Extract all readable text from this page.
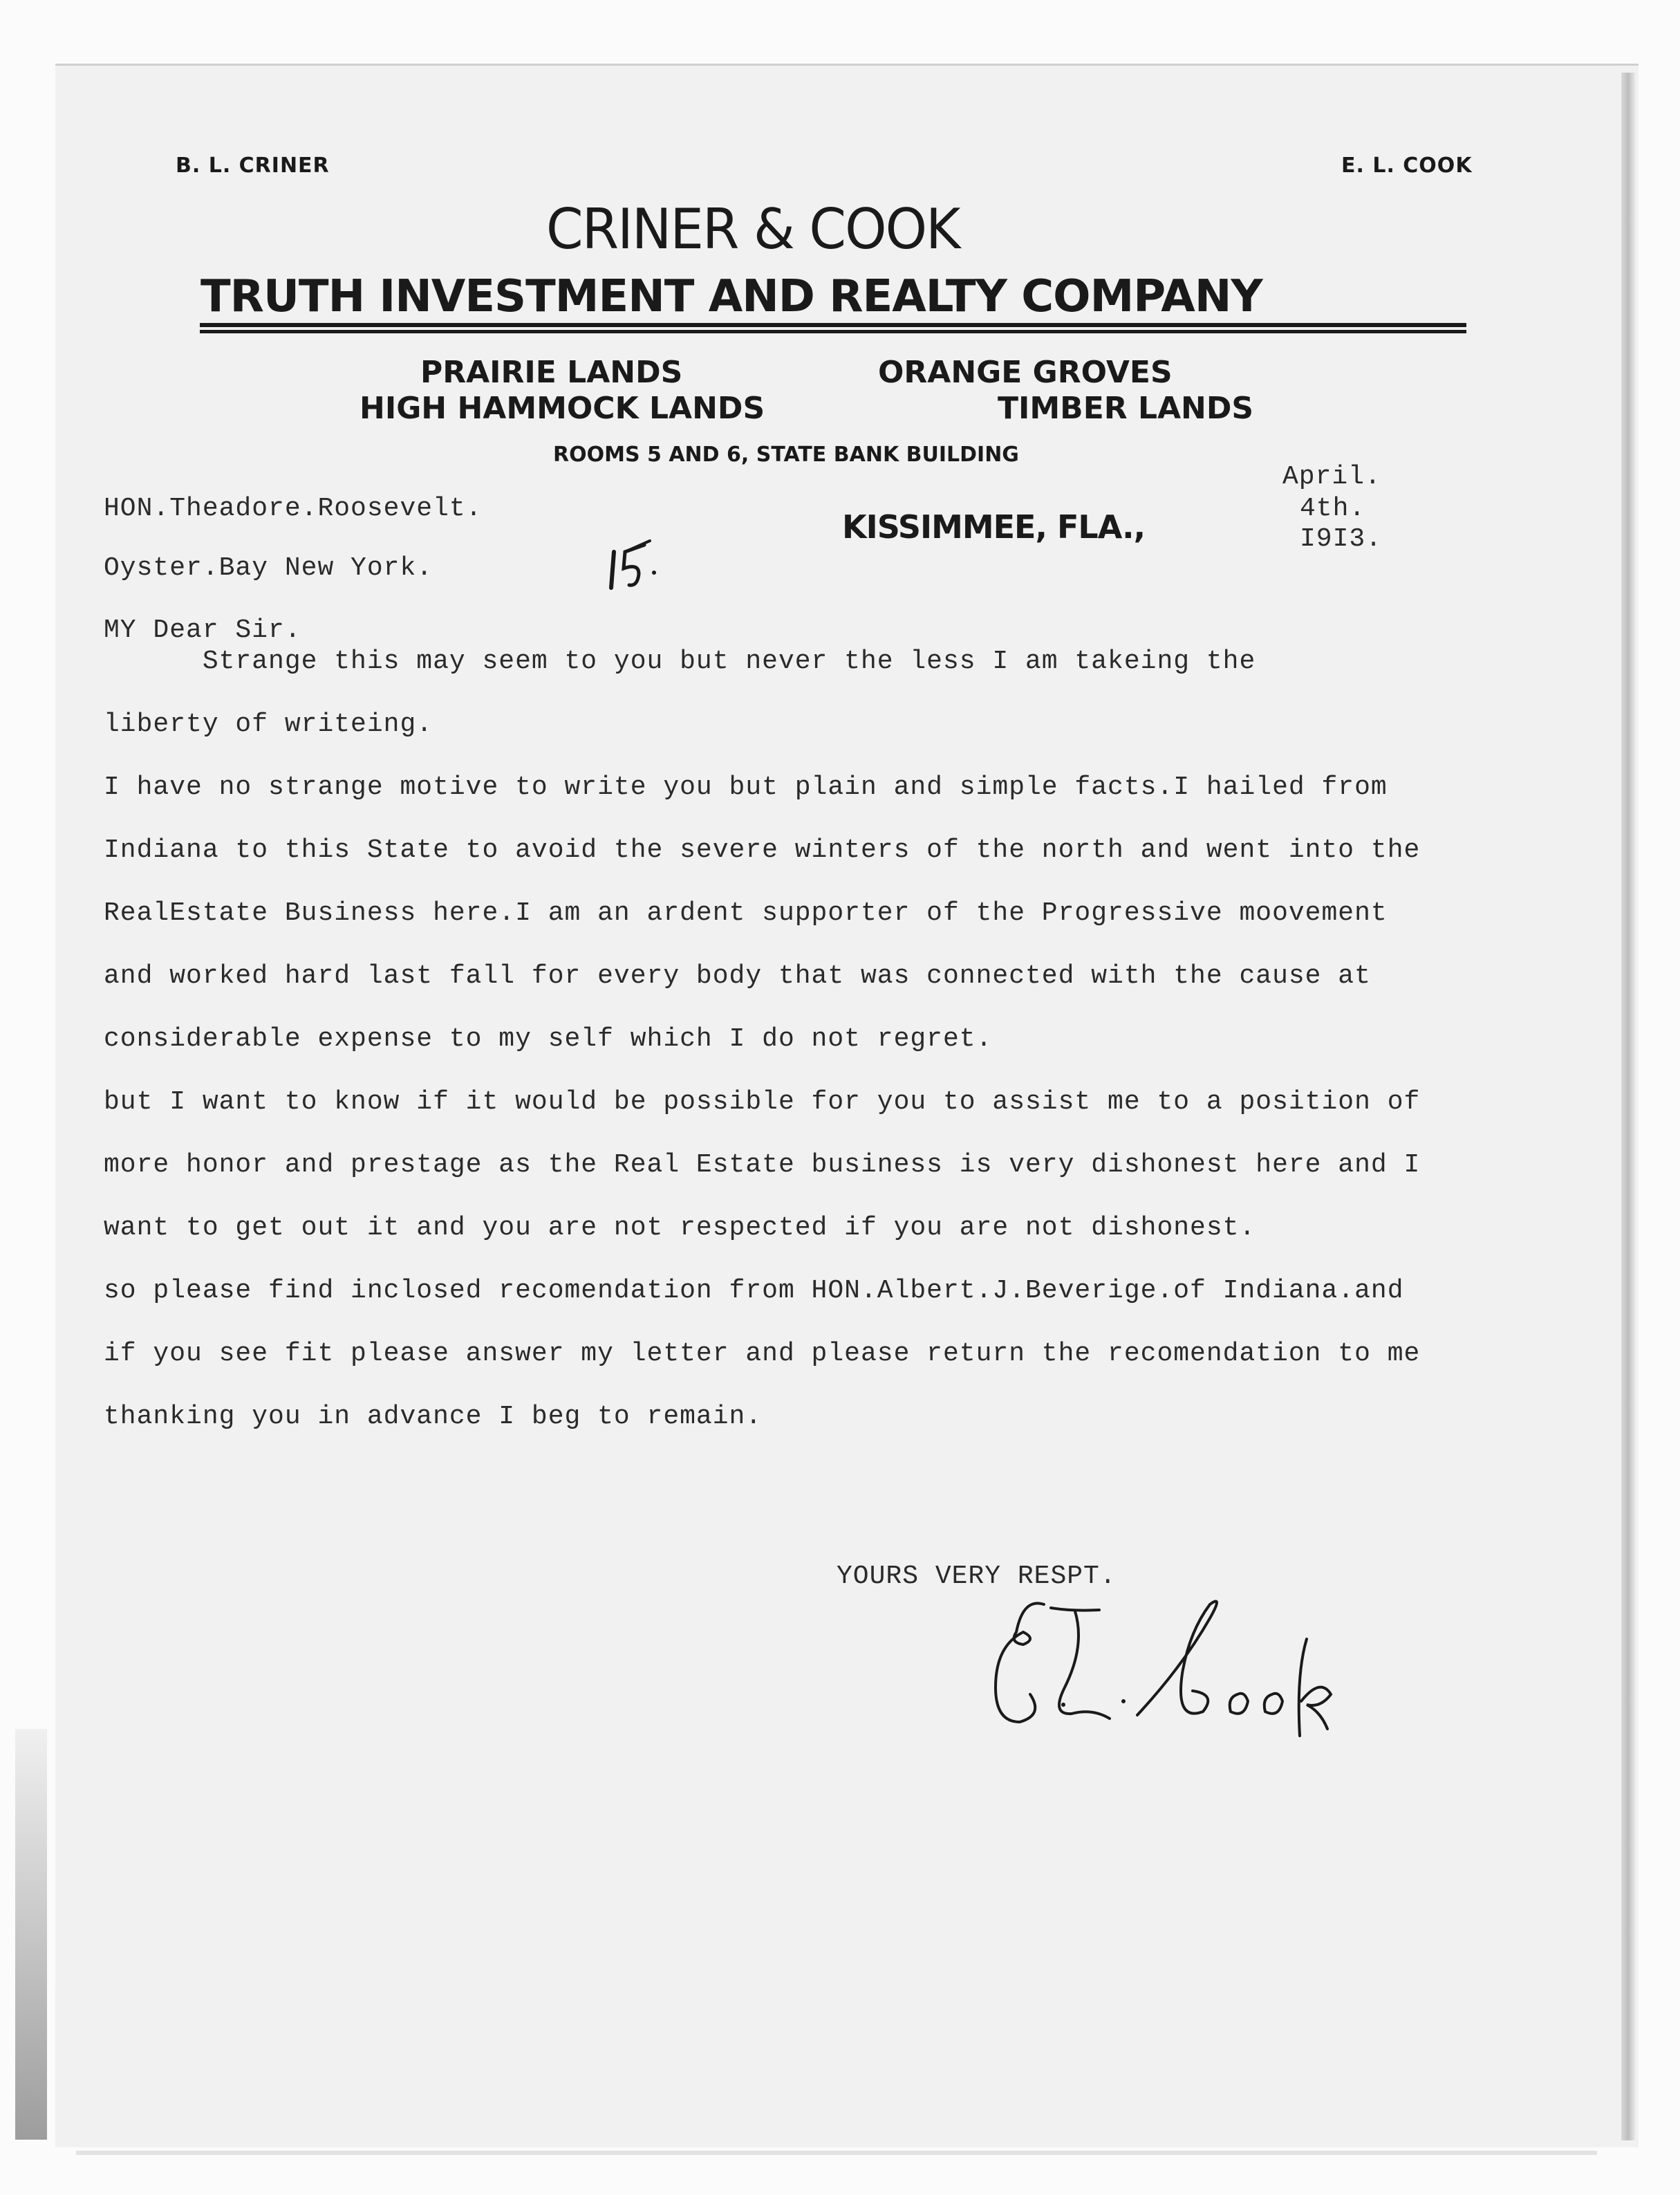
B. L. CRINER	E. L. COOK
CRINER & COOK
TRUTH INVESTMENT AND REALTY COMPANY
PRAIRIE LANDS	ORANGE GROVES
HIGH HAMMOCK LANDS	TIMBER LANDS
ROOMS 5 AND 6, STATE BANK BUILDING
KISSIMMEE, FLA.,
April.
4th.
I9I3.
HON.Theadore.Roosevelt.
Oyster.Bay New York.
MY Dear Sir.
Strange this may seem to you but never the less I am takeing the
liberty of writeing.
I have no strange motive to write you but plain and simple facts.I hailed from
Indiana to this State to avoid the severe winters of the north and went into the
RealEstate Business here.I am an ardent supporter of the Progressive moovement
and worked hard last fall for every body that was connected with the cause at
considerable expense to my self which I do not regret.
but I want to know if it would be possible for you to assist me to a position of
more honor and prestage as the Real Estate business is very dishonest here and I
want to get out it and you are not respected if you are not dishonest.
so please find inclosed recomendation from HON.Albert.J.Beverige.of Indiana.and
if you see fit please answer my letter and please return the recomendation to me
thanking you in advance I beg to remain.
YOURS VERY RESPT.
